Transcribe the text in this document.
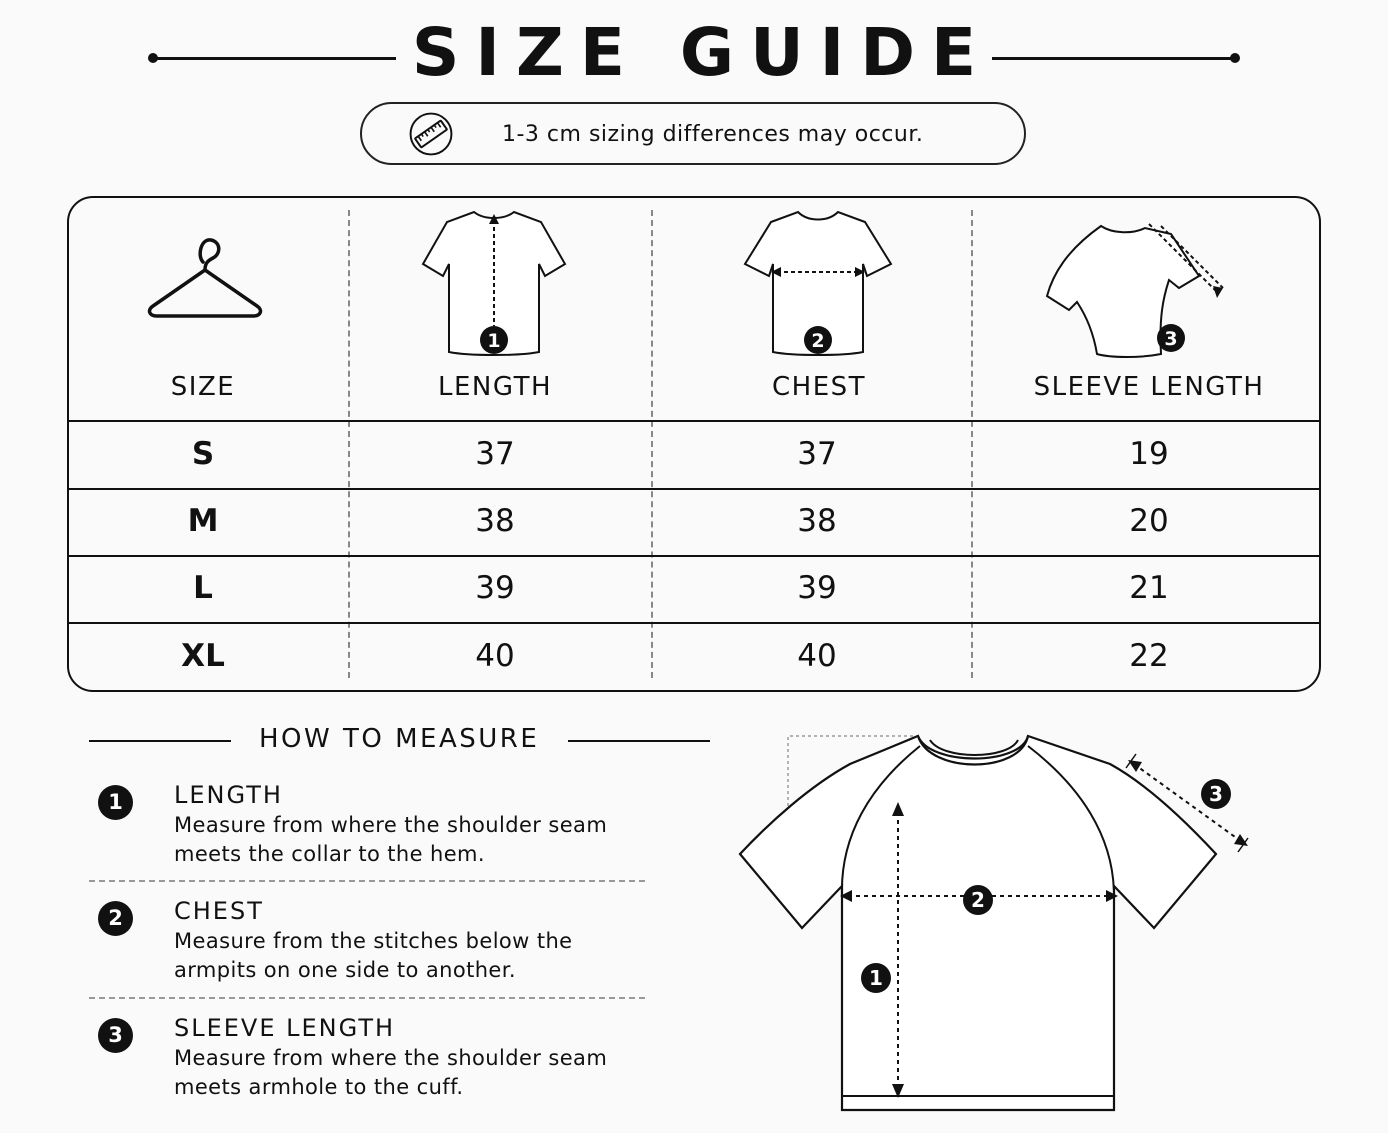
SIZE GUIDE
1-3 cm sizing differences may occur.
1	2	3
SIZE	LENGTH	CHEST	SLEEVE LENGTH
S	37	37	19
M	38	38	20
L	39	39	21
XL	40	40	22
HOW TO MEASURE
1	LENGTH
Measure from where the shoulder seam meets the collar to the hem.
2	CHEST
Measure from the stitches below the armpits on one side to another.
3	SLEEVE LENGTH
Measure from where the shoulder seam meets armhole to the cuff.
1
2
3
